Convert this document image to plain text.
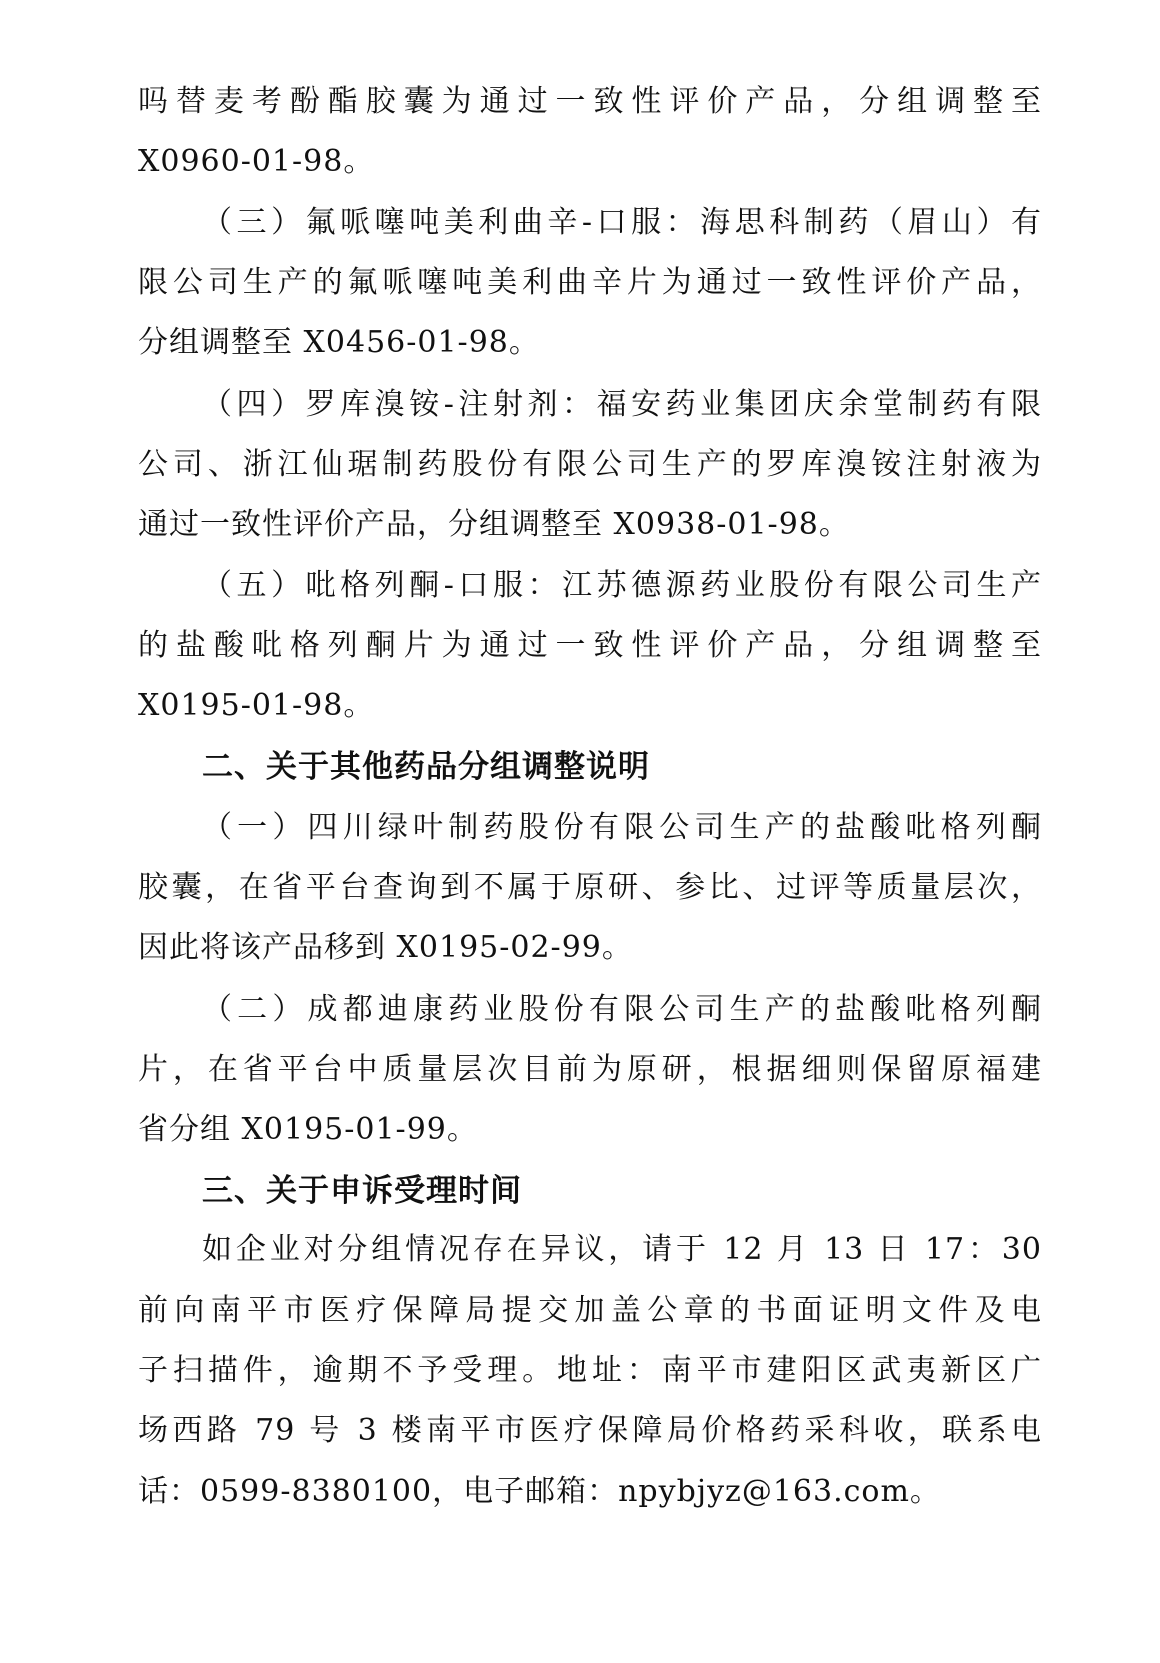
吗替麦考酚酯胶囊为通过一致性评价产品，分组调整至
X0960-01-98。
（三）氟哌噻吨美利曲辛-口服：海思科制药（眉山）有
限公司生产的氟哌噻吨美利曲辛片为通过一致性评价产品，
分组调整至 X0456-01-98。
（四）罗库溴铵-注射剂：福安药业集团庆余堂制药有限
公司、浙江仙琚制药股份有限公司生产的罗库溴铵注射液为
通过一致性评价产品，分组调整至 X0938-01-98。
（五）吡格列酮-口服：江苏德源药业股份有限公司生产
的盐酸吡格列酮片为通过一致性评价产品，分组调整至
X0195-01-98。
二、关于其他药品分组调整说明
（一）四川绿叶制药股份有限公司生产的盐酸吡格列酮
胶囊，在省平台查询到不属于原研、参比、过评等质量层次，
因此将该产品移到 X0195-02-99。
（二）成都迪康药业股份有限公司生产的盐酸吡格列酮
片，在省平台中质量层次目前为原研，根据细则保留原福建
省分组 X0195-01-99。
三、关于申诉受理时间
如企业对分组情况存在异议，请于 12 月 13 日 17：30
前向南平市医疗保障局提交加盖公章的书面证明文件及电
子扫描件，逾期不予受理。地址：南平市建阳区武夷新区广
场西路 79 号 3 楼南平市医疗保障局价格药采科收，联系电
话：0599-8380100，电子邮箱：npybjyz@163.com。
